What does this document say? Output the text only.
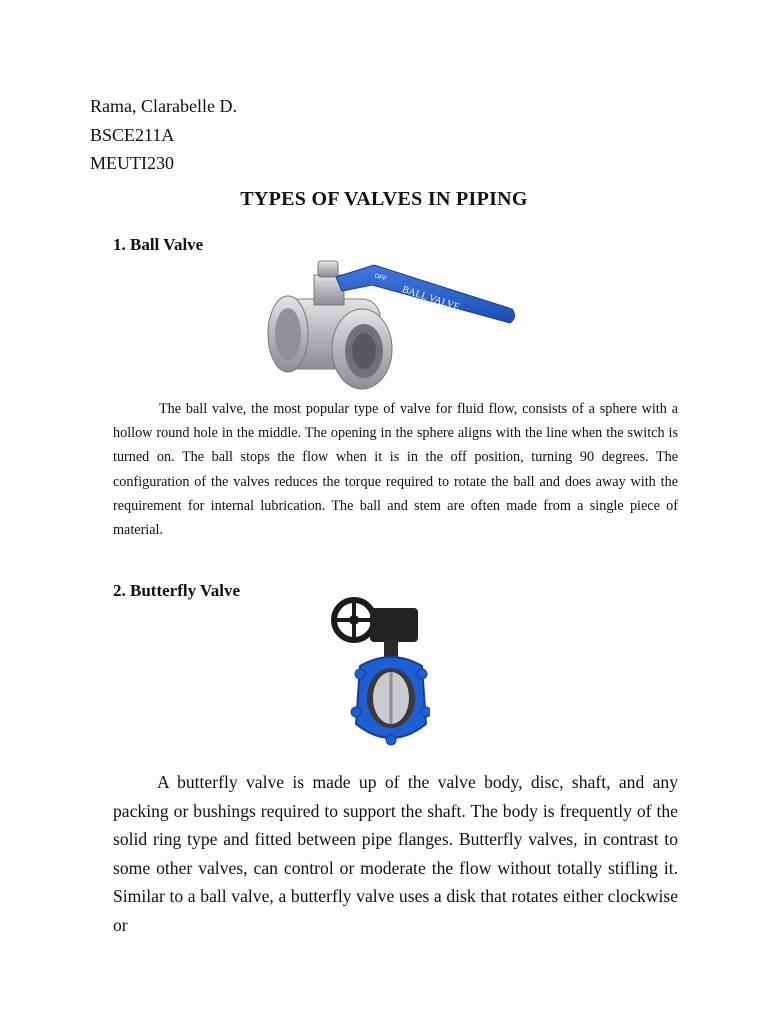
Rama, Clarabelle D.
BSCE211A
MEUTI230
TYPES OF VALVES IN PIPING
1. Ball Valve
BALL VALVE
OFF
The ball valve, the most popular type of valve for fluid flow, consists of a sphere with a hollow round hole in the middle. The opening in the sphere aligns with the line when the switch is turned on. The ball stops the flow when it is in the off position, turning 90 degrees. The configuration of the valves reduces the torque required to rotate the ball and does away with the requirement for internal lubrication. The ball and stem are often made from a single piece of material.
2. Butterfly Valve
A butterfly valve is made up of the valve body, disc, shaft, and any packing or bushings required to support the shaft. The body is frequently of the solid ring type and fitted between pipe flanges. Butterfly valves, in contrast to some other valves, can control or moderate the flow without totally stifling it. Similar to a ball valve, a butterfly valve uses a disk that rotates either clockwise or
